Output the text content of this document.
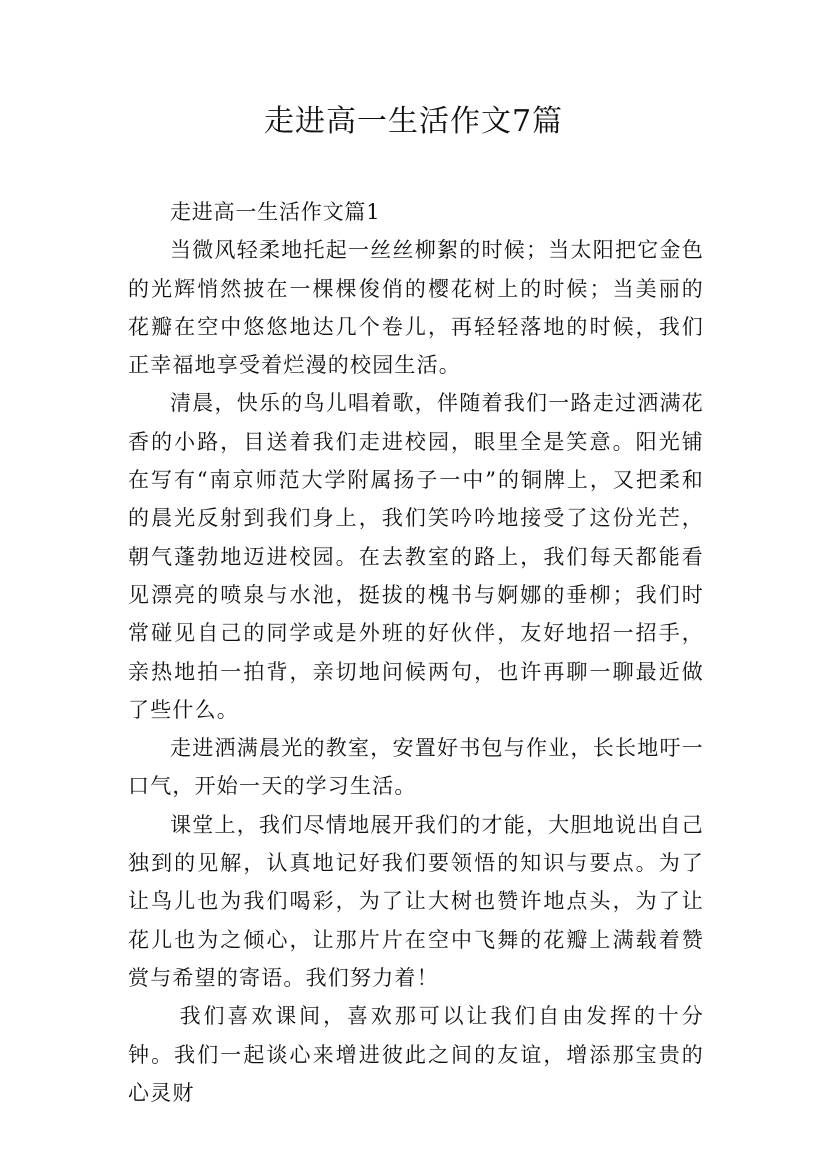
走进高一生活作文7篇

走进高一生活作文篇1

当微风轻柔地托起一丝丝柳絮的时候；当太阳把它金色的光辉悄然披在一棵棵俊俏的樱花树上的时候；当美丽的花瓣在空中悠悠地达几个卷儿，再轻轻落地的时候，我们正幸福地享受着烂漫的校园生活。

清晨，快乐的鸟儿唱着歌，伴随着我们一路走过洒满花香的小路，目送着我们走进校园，眼里全是笑意。阳光铺在写有“南京师范大学附属扬子一中”的铜牌上，又把柔和的晨光反射到我们身上，我们笑吟吟地接受了这份光芒，朝气蓬勃地迈进校园。在去教室的路上，我们每天都能看见漂亮的喷泉与水池，挺拔的槐书与婀娜的垂柳；我们时常碰见自己的同学或是外班的好伙伴，友好地招一招手，亲热地拍一拍背，亲切地问候两句，也许再聊一聊最近做了些什么。

走进洒满晨光的教室，安置好书包与作业，长长地吁一口气，开始一天的学习生活。

课堂上，我们尽情地展开我们的才能，大胆地说出自己独到的见解，认真地记好我们要领悟的知识与要点。为了让鸟儿也为我们喝彩，为了让大树也赞许地点头，为了让花儿也为之倾心，让那片片在空中飞舞的花瓣上满载着赞赏与希望的寄语。我们努力着！

我们喜欢课间，喜欢那可以让我们自由发挥的十分钟。我们一起谈心来增进彼此之间的友谊，增添那宝贵的心灵财
